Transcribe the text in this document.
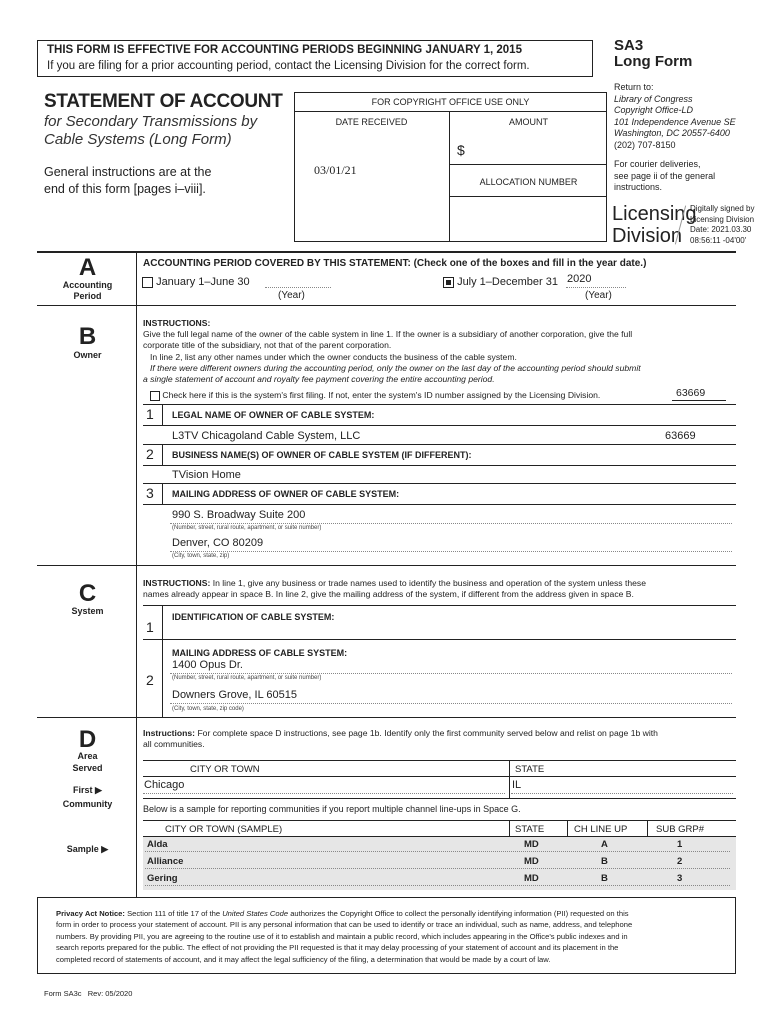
THIS FORM IS EFFECTIVE FOR ACCOUNTING PERIODS BEGINNING JANUARY 1, 2015
If you are filing for a prior accounting period, contact the Licensing Division for the correct form.
SA3
Long Form
STATEMENT OF ACCOUNT
for Secondary Transmissions by
Cable Systems (Long Form)
General instructions are at the
end of this form [pages i–viii].
FOR COPYRIGHT OFFICE USE ONLY
DATE RECEIVED	AMOUNT
$
03/01/21
ALLOCATION NUMBER
Return to:
Library of Congress
Copyright Office-LD
101 Independence Avenue SE
Washington, DC 20557-6400
(202) 707-8150
For courier deliveries,
see page ii of the general
instructions.
Licensing
Division
Digitally signed by
Licensing Division
Date: 2021.03.30
08:56:11 -04'00'
A
Accounting
Period
ACCOUNTING PERIOD COVERED BY THIS STATEMENT: (Check one of the boxes and fill in the year date.)
January 1–June 30
(Year)
July 1–December 31 2020
(Year)
B
Owner
INSTRUCTIONS:
Give the full legal name of the owner of the cable system in line 1. If the owner is a subsidiary of another corporation, give the full
corporate title of the subsidiary, not that of the parent corporation.
In line 2, list any other names under which the owner conducts the business of the cable system.
If there were different owners during the accounting period, only the owner on the last day of the accounting period should submit
a single statement of account and royalty fee payment covering the entire accounting period.
Check here if this is the system's first filing. If not, enter the system's ID number assigned by the Licensing Division.	63669
1 LEGAL NAME OF OWNER OF CABLE SYSTEM:
L3TV Chicagoland Cable System, LLC	63669
2 BUSINESS NAME(S) OF OWNER OF CABLE SYSTEM (IF DIFFERENT):
TVision Home
3 MAILING ADDRESS OF OWNER OF CABLE SYSTEM:
990 S. Broadway Suite 200
(Number, street, rural route, apartment, or suite number)
Denver, CO 80209
(City, town, state, zip)
C
System
INSTRUCTIONS: In line 1, give any business or trade names used to identify the business and operation of the system unless these
names already appear in space B. In line 2, give the mailing address of the system, if different from the address given in space B.
1
IDENTIFICATION OF CABLE SYSTEM:
2
MAILING ADDRESS OF CABLE SYSTEM:
1400 Opus Dr.
(Number, street, rural route, apartment, or suite number)
Downers Grove, IL 60515
(City, town, state, zip code)
D
Area
Served
First ▶
Community
Sample ▶
Instructions: For complete space D instructions, see page 1b. Identify only the first community served below and relist on page 1b with
all communities.
CITY OR TOWN	STATE
Chicago	IL
Below is a sample for reporting communities if you report multiple channel line-ups in Space G.
CITY OR TOWN (SAMPLE)	STATE	CH LINE UP	SUB GRP#
Alda	MD	A	1
Alliance	MD	B	2
Gering	MD	B	3
Privacy Act Notice: Section 111 of title 17 of the United States Code authorizes the Copyright Office to collect the personally identifying information (PII) requested on this
form in order to process your statement of account. PII is any personal information that can be used to identify or trace an individual, such as name, address, and telephone
numbers. By providing PII, you are agreeing to the routine use of it to establish and maintain a public record, which includes appearing in the Office's public indexes and in
search reports prepared for the public. The effect of not providing the PII requested is that it may delay processing of your statement of account and its placement in the
completed record of statements of account, and it may affect the legal sufficiency of the filing, a determination that would be made by a court of law.
Form SA3c   Rev: 05/2020
